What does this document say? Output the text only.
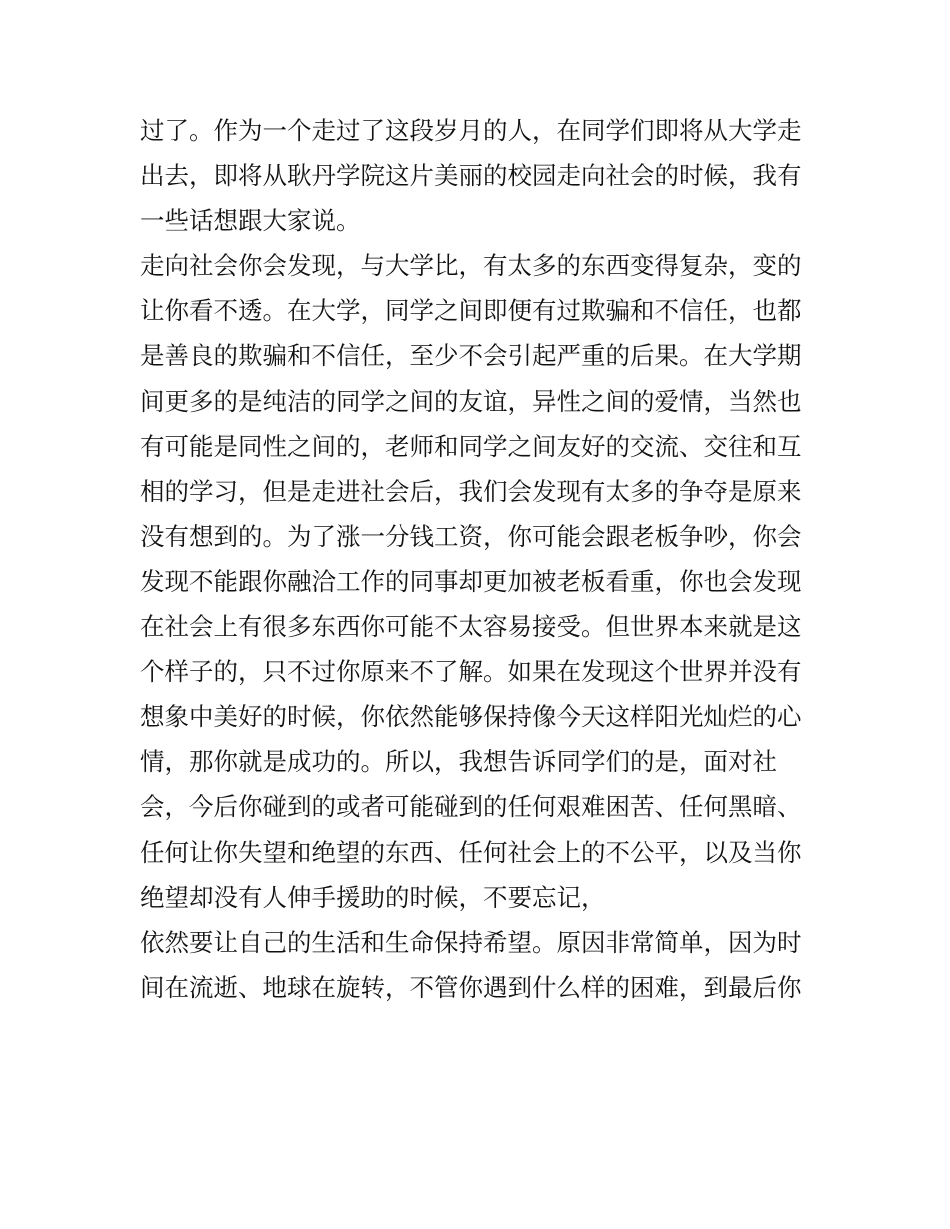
过了。作为一个走过了这段岁月的人，在同学们即将从大学走
出去，即将从耿丹学院这片美丽的校园走向社会的时候，我有
一些话想跟大家说。
走向社会你会发现，与大学比，有太多的东西变得复杂，变的
让你看不透。在大学，同学之间即便有过欺骗和不信任，也都
是善良的欺骗和不信任，至少不会引起严重的后果。在大学期
间更多的是纯洁的同学之间的友谊，异性之间的爱情，当然也
有可能是同性之间的，老师和同学之间友好的交流、交往和互
相的学习，但是走进社会后，我们会发现有太多的争夺是原来
没有想到的。为了涨一分钱工资，你可能会跟老板争吵，你会
发现不能跟你融洽工作的同事却更加被老板看重，你也会发现
在社会上有很多东西你可能不太容易接受。但世界本来就是这
个样子的，只不过你原来不了解。如果在发现这个世界并没有
想象中美好的时候，你依然能够保持像今天这样阳光灿烂的心
情，那你就是成功的。所以，我想告诉同学们的是，面对社
会，今后你碰到的或者可能碰到的任何艰难困苦、任何黑暗、
任何让你失望和绝望的东西、任何社会上的不公平，以及当你
绝望却没有人伸手援助的时候，不要忘记，
依然要让自己的生活和生命保持希望。原因非常简单，因为时
间在流逝、地球在旋转，不管你遇到什么样的困难，到最后你
